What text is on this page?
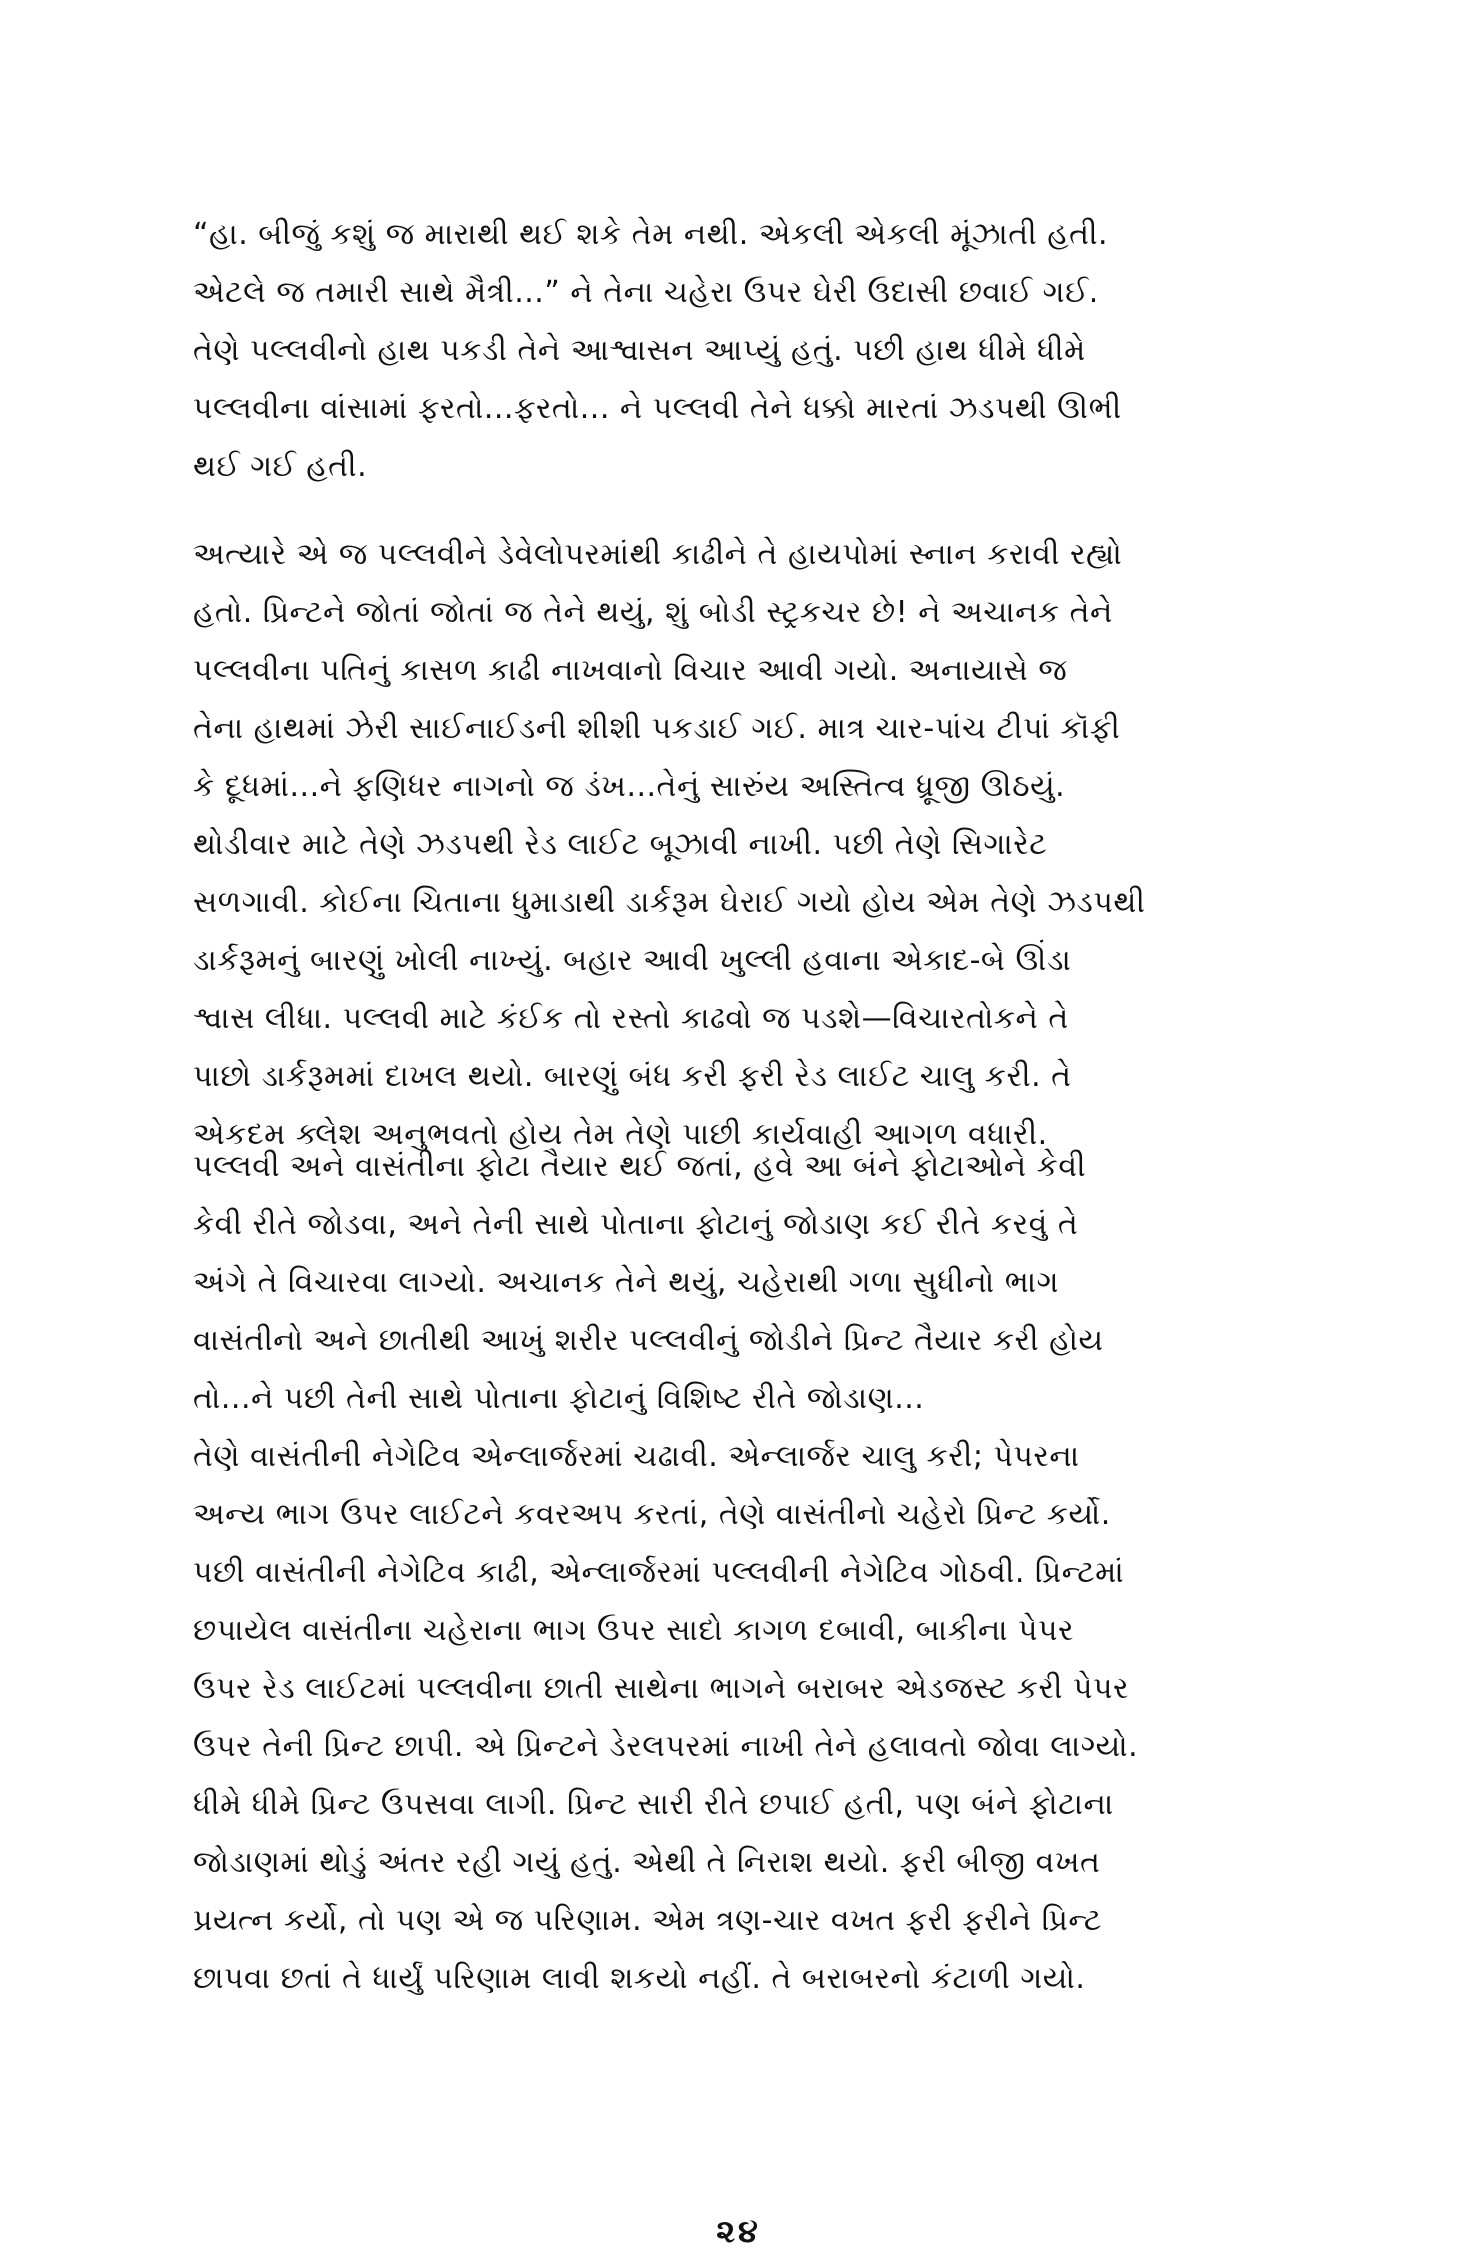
“હા. બીજું કશું જ મારાથી થઈ શકે તેમ નથી. એકલી એકલી મૂંઝાતી હતી.
એટલે જ તમારી સાથે મૈત્રી...” ને તેના ચહેરા ઉપર ઘેરી ઉદાસી છવાઈ ગઈ.
તેણે પલ્લવીનો હાથ પકડી તેને આશ્વાસન આપ્યું હતું. પછી હાથ ધીમે ધીમે
પલ્લવીના વાંસામાં ફરતો...ફરતો... ને પલ્લવી તેને ધક્કો મારતાં ઝડપથી ઊભી
થઈ ગઈ હતી.
અત્યારે એ જ પલ્લવીને ડેવેલોપરમાંથી કાઢીને તે હાયપોમાં સ્નાન કરાવી રહ્યો
હતો. પ્રિન્ટને જોતાં જોતાં જ તેને થયું, શું બોડી સ્ટ્રકચર છે! ને અચાનક તેને
પલ્લવીના પતિનું કાસળ કાઢી નાખવાનો વિચાર આવી ગયો. અનાયાસે જ
તેના હાથમાં ઝેરી સાઈનાઈડની શીશી પકડાઈ ગઈ. માત્ર ચાર-પાંચ ટીપાં કૉફી
કે દૂધમાં...ને ફણિધર નાગનો જ ડંખ...તેનું સારુંય અસ્તિત્વ ધ્રૂજી ઊઠયું.
થોડીવાર માટે તેણે ઝડપથી રેડ લાઈટ બૂઝાવી નાખી. પછી તેણે સિગારેટ
સળગાવી. કોઈના ચિતાના ધુમાડાથી ડાર્કરૂમ ઘેરાઈ ગયો હોય એમ તેણે ઝડપથી
ડાર્કરૂમનું બારણું ખોલી નાખ્યું. બહાર આવી ખુલ્લી હવાના એકાદ-બે ઊંડા
શ્વાસ લીધા. પલ્લવી માટે કંઈક તો રસ્તો કાઢવો જ પડશે—વિચારતોકને તે
પાછો ડાર્કરૂમમાં દાખલ થયો. બારણું બંધ કરી ફરી રેડ લાઈટ ચાલુ કરી. તે
એકદમ ક્લેશ અનુભવતો હોય તેમ તેણે પાછી કાર્યવાહી આગળ વધારી.
પલ્લવી અને વાસંતીના ફોટા તૈયાર થઈ જતાં, હવે આ બંને ફોટાઓને કેવી
કેવી રીતે જોડવા, અને તેની સાથે પોતાના ફોટાનું જોડાણ કઈ રીતે કરવું તે
અંગે તે વિચારવા લાગ્યો. અચાનક તેને થયું, ચહેરાથી ગળા સુધીનો ભાગ
વાસંતીનો અને છાતીથી આખું શરીર પલ્લવીનું જોડીને પ્રિન્ટ તૈયાર કરી હોય
તો...ને પછી તેની સાથે પોતાના ફોટાનું વિશિષ્ટ રીતે જોડાણ...
તેણે વાસંતીની નેગેટિવ એન્લાર્જરમાં ચઢાવી. એન્લાર્જર ચાલુ કરી; પેપરના
અન્ય ભાગ ઉપર લાઈટને કવરઅપ કરતાં, તેણે વાસંતીનો ચહેરો પ્રિન્ટ કર્યો.
પછી વાસંતીની નેગેટિવ કાઢી, એન્લાર્જરમાં પલ્લવીની નેગેટિવ ગોઠવી. પ્રિન્ટમાં
છપાયેલ વાસંતીના ચહેરાના ભાગ ઉપર સાદો કાગળ દબાવી, બાકીના પેપર
ઉપર રેડ લાઈટમાં પલ્લવીના છાતી સાથેના ભાગને બરાબર એડજસ્ટ કરી પેપર
ઉપર તેની પ્રિન્ટ છાપી. એ પ્રિન્ટને ડેરલપરમાં નાખી તેને હલાવતો જોવા લાગ્યો.
ધીમે ધીમે પ્રિન્ટ ઉપસવા લાગી. પ્રિન્ટ સારી રીતે છપાઈ હતી, પણ બંને ફોટાના
જોડાણમાં થોડું અંતર રહી ગયું હતું. એથી તે નિરાશ થયો. ફરી બીજી વખત
પ્રયત્ન કર્યો, તો પણ એ જ પરિણામ. એમ ત્રણ-ચાર વખત ફરી ફરીને પ્રિન્ટ
છાપવા છતાં તે ધાર્યું પરિણામ લાવી શકયો નહીં. તે બરાબરનો કંટાળી ગયો.
૨૪
